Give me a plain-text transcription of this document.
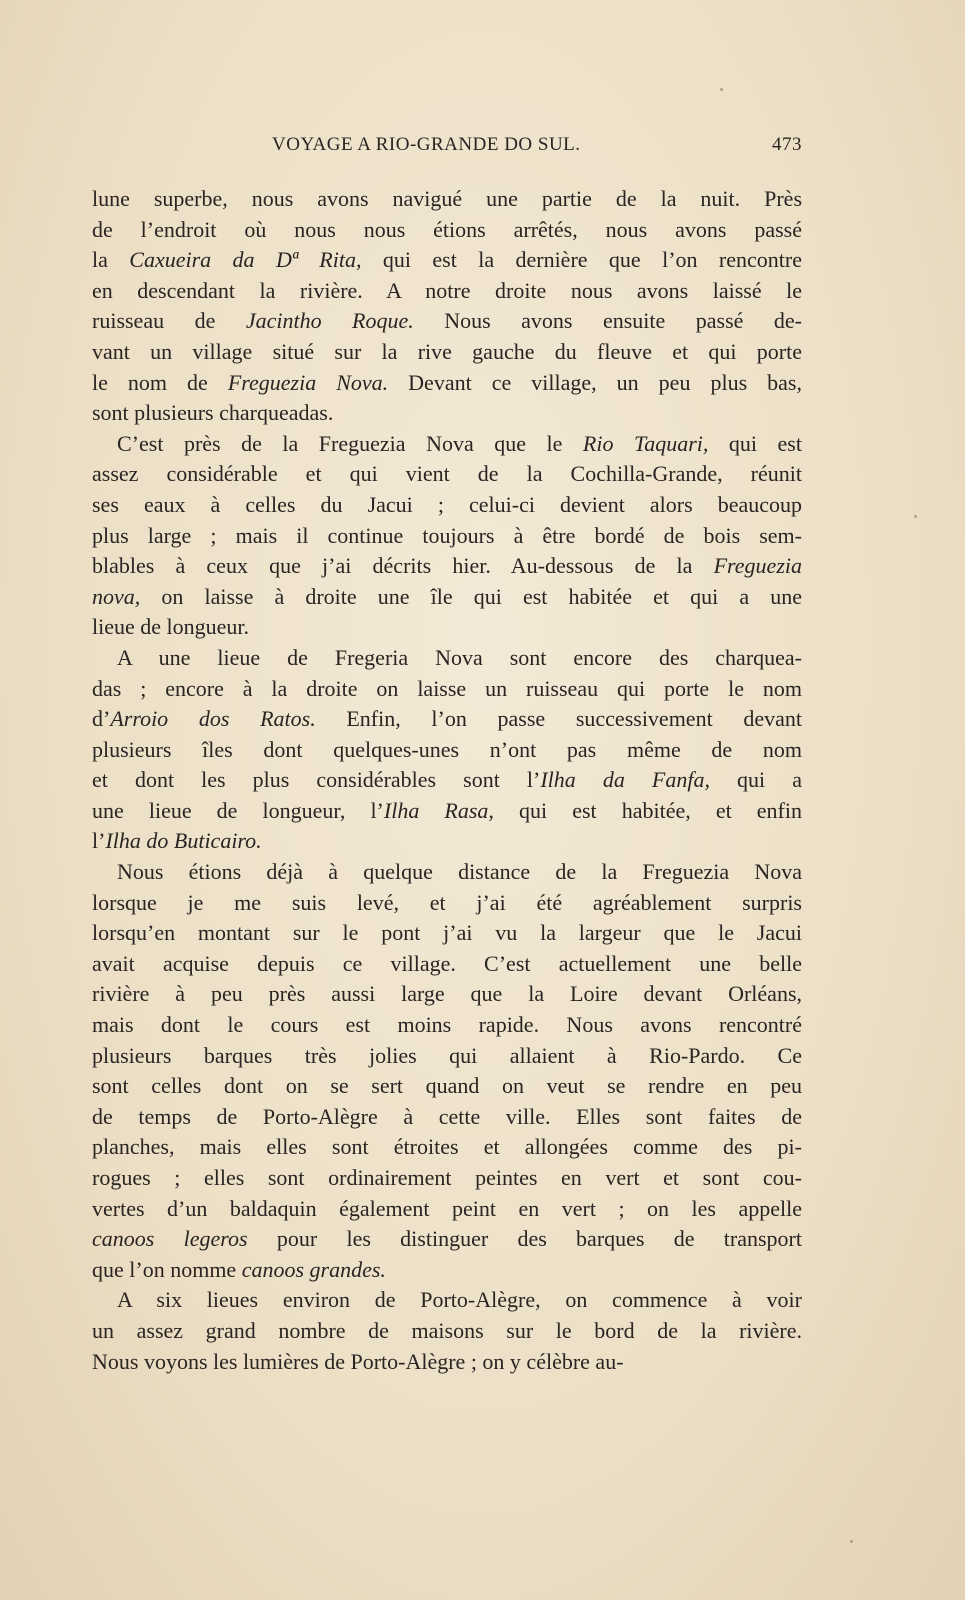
VOYAGE A RIO-GRANDE DO SUL.	473
lune superbe, nous avons navigué une partie de la nuit. Près
de l’endroit où nous nous étions arrêtés, nous avons passé
la Caxueira da Dª Rita, qui est la dernière que l’on rencontre
en descendant la rivière. A notre droite nous avons laissé le
ruisseau de Jacintho Roque. Nous avons ensuite passé de-
vant un village situé sur la rive gauche du fleuve et qui porte
le nom de Freguezia Nova. Devant ce village, un peu plus bas,
sont plusieurs charqueadas.
C’est près de la Freguezia Nova que le Rio Taquari, qui est
assez considérable et qui vient de la Cochilla-Grande, réunit
ses eaux à celles du Jacui ; celui-ci devient alors beaucoup
plus large ; mais il continue toujours à être bordé de bois sem-
blables à ceux que j’ai décrits hier. Au-dessous de la Freguezia
nova, on laisse à droite une île qui est habitée et qui a une
lieue de longueur.
A une lieue de Fregeria Nova sont encore des charquea-
das ; encore à la droite on laisse un ruisseau qui porte le nom
d’Arroio dos Ratos. Enfin, l’on passe successivement devant
plusieurs îles dont quelques-unes n’ont pas même de nom
et dont les plus considérables sont l’Ilha da Fanfa, qui a
une lieue de longueur, l’Ilha Rasa, qui est habitée, et enfin
l’Ilha do Buticairo.
Nous étions déjà à quelque distance de la Freguezia Nova
lorsque je me suis levé, et j’ai été agréablement surpris
lorsqu’en montant sur le pont j’ai vu la largeur que le Jacui
avait acquise depuis ce village. C’est actuellement une belle
rivière à peu près aussi large que la Loire devant Orléans,
mais dont le cours est moins rapide. Nous avons rencontré
plusieurs barques très jolies qui allaient à Rio-Pardo. Ce
sont celles dont on se sert quand on veut se rendre en peu
de temps de Porto-Alègre à cette ville. Elles sont faites de
planches, mais elles sont étroites et allongées comme des pi-
rogues ; elles sont ordinairement peintes en vert et sont cou-
vertes d’un baldaquin également peint en vert ; on les appelle
canoos legeros pour les distinguer des barques de transport
que l’on nomme canoos grandes.
A six lieues environ de Porto-Alègre, on commence à voir
un assez grand nombre de maisons sur le bord de la rivière.
Nous voyons les lumières de Porto-Alègre ; on y célèbre au-
